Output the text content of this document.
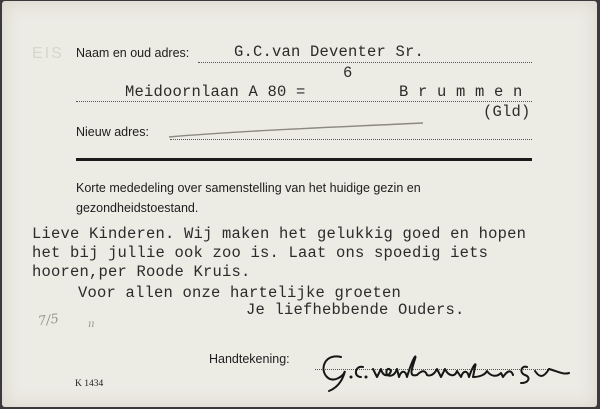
EIS Naam en oud adres:	G.C.van Deventer Sr.
6
Meidoornlaan A 80 =	B r u m m e n
(Gld)
Nieuw adres:
Korte mededeling over samenstelling van het huidige gezin en
gezondheidstoestand.
Lieve Kinderen. Wij maken het gelukkig goed en hopen
het bij jullie ook zoo is. Laat ons spoedig iets
hooren,per Roode Kruis.
Voor allen onze hartelijke groeten
Je liefhebbende Ouders.
7/5	ıı
Handtekening:
K 1434
